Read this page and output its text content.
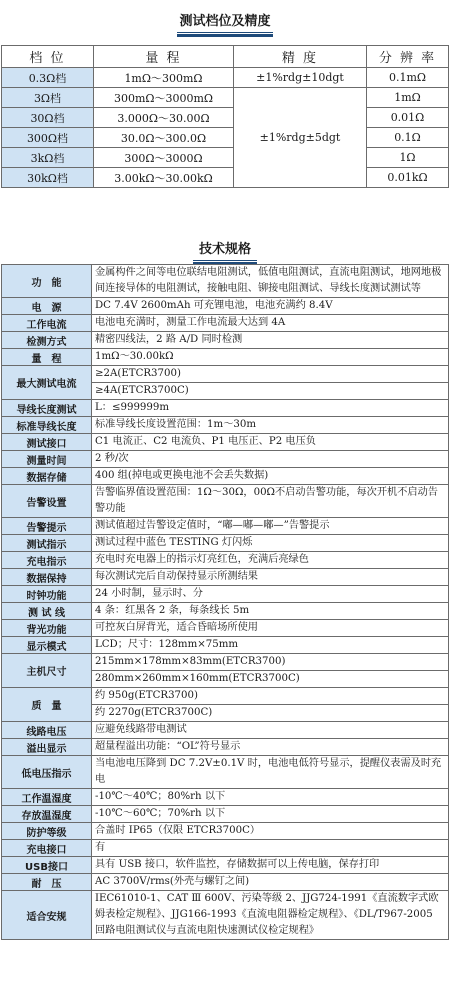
测试档位及精度
档 位	量 程	精 度	分 辨 率
0.3Ω档	1mΩ～300mΩ	±1%rdg±10dgt	0.1mΩ
3Ω档	300mΩ～3000mΩ	±1%rdg±5dgt	1mΩ
30Ω档	3.000Ω～30.00Ω		0.01Ω
300Ω档	30.0Ω～300.0Ω		0.1Ω
3kΩ档	300Ω～3000Ω		1Ω
30kΩ档	3.00kΩ～30.00kΩ		0.01kΩ
技术规格
功　能	金属构件之间等电位联结电阻测试，低值电阻测试，直流电阻测试，地网地极间连接导体的电阻测试，接触电阻、铆接电阻测试、导线长度测试测试等
电　源	DC 7.4V 2600mAh 可充锂电池，电池充满约 8.4V
工作电流	电池电充满时，测量工作电流最大达到 4A
检测方式	精密四线法，2 路 A/D 同时检测
量　程	1mΩ～30.00kΩ
最大测试电流	≥2A(ETCR3700)
	≥4A(ETCR3700C)
导线长度测试	L：≤999999m
标准导线长度	标准导线长度设置范围：1m～30m
测试接口	C1 电流正、C2 电流负、P1 电压正、P2 电压负
测量时间	2 秒/次
数据存储	400 组(掉电或更换电池不会丢失数据)
告警设置	告警临界值设置范围：1Ω～30Ω，00Ω不启动告警功能，每次开机不启动告警功能
告警提示	测试值超过告警设定值时，“嘟—嘟—嘟—”告警提示
测试指示	测试过程中蓝色 TESTING 灯闪烁
充电指示	充电时充电器上的指示灯亮红色，充满后亮绿色
数据保持	每次测试完后自动保持显示所测结果
时钟功能	24 小时制，显示时、分
测 试 线	4 条：红黑各 2 条，每条线长 5m
背光功能	可控灰白屏背光，适合昏暗场所使用
显示模式	LCD；尺寸：128mm×75mm
主机尺寸	215mm×178mm×83mm(ETCR3700)
	280mm×260mm×160mm(ETCR3700C)
质　量	约 950g(ETCR3700)
	约 2270g(ETCR3700C)
线路电压	应避免线路带电测试
溢出显示	超量程溢出功能：“OL”符号显示
低电压指示	当电池电压降到 DC 7.2V±0.1V 时，电池电低符号显示，提醒仪表需及时充电
工作温湿度	-10℃～40℃；80%rh 以下
存放温湿度	-10℃～60℃；70%rh 以下
防护等级	合盖时 IP65（仅限 ETCR3700C）
充电接口	有
USB接口	具有 USB 接口，软件监控，存储数据可以上传电脑，保存打印
耐　压	AC 3700V/rms(外壳与螺钉之间)
适合安规	IEC61010-1、CAT Ⅲ 600V、污染等级 2、JJG724-1991《直流数字式欧姆表检定规程》、JJG166-1993《直流电阻器检定规程》、《DL/T967-2005 回路电阻测试仪与直流电阻快速测试仪检定规程》
